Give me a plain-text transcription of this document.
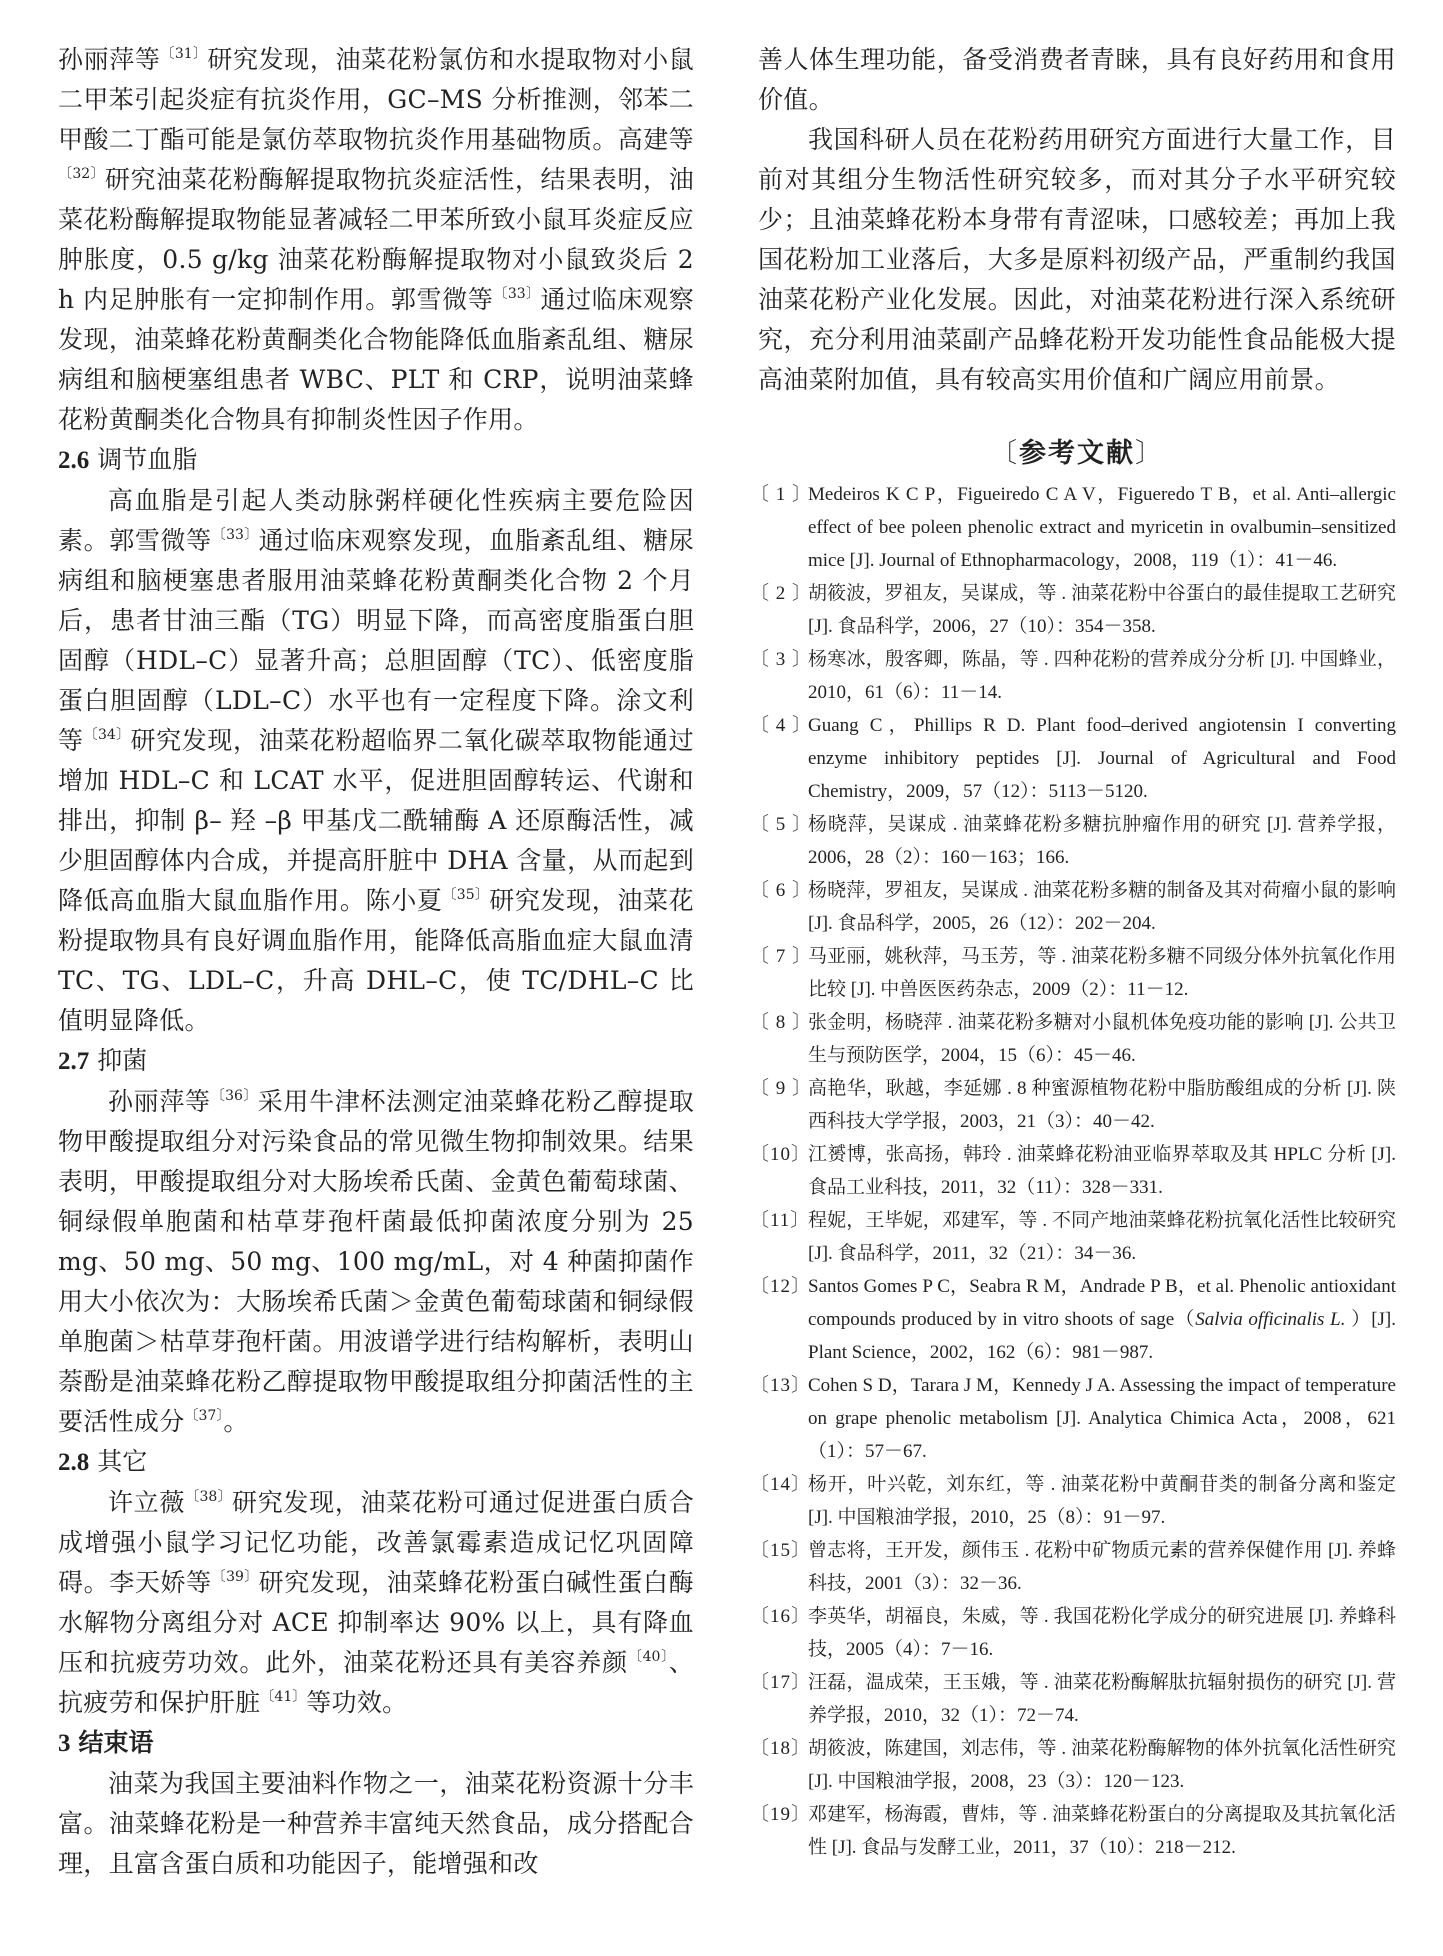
孙丽萍等$^{〔31〕}$研究发现，油菜花粉氯仿和水提取物对小鼠二甲苯引起炎症有抗炎作用，GC–MS 分析推测，邻苯二甲酸二丁酯可能是氯仿萃取物抗炎作用基础物质。高建等$^{〔32〕}$研究油菜花粉酶解提取物抗炎症活性，结果表明，油菜花粉酶解提取物能显著减轻二甲苯所致小鼠耳炎症反应肿胀度，0.5 g/kg 油菜花粉酶解提取物对小鼠致炎后 2 h 内足肿胀有一定抑制作用。郭雪微等$^{〔33〕}$通过临床观察发现，油菜蜂花粉黄酮类化合物能降低血脂紊乱组、糖尿病组和脑梗塞组患者 WBC、PLT 和 CRP，说明油菜蜂花粉黄酮类化合物具有抑制炎性因子作用。

2.6 调节血脂

高血脂是引起人类动脉粥样硬化性疾病主要危险因素。郭雪微等$^{〔33〕}$通过临床观察发现，血脂紊乱组、糖尿病组和脑梗塞患者服用油菜蜂花粉黄酮类化合物 2 个月后，患者甘油三酯（TG）明显下降，而高密度脂蛋白胆固醇（HDL–C）显著升高；总胆固醇（TC）、低密度脂蛋白胆固醇（LDL–C）水平也有一定程度下降。涂文利等$^{〔34〕}$研究发现，油菜花粉超临界二氧化碳萃取物能通过增加 HDL–C 和 LCAT 水平，促进胆固醇转运、代谢和排出，抑制 β– 羟 –β 甲基戊二酰辅酶 A 还原酶活性，减少胆固醇体内合成，并提高肝脏中 DHA 含量，从而起到降低高血脂大鼠血脂作用。陈小夏$^{〔35〕}$研究发现，油菜花粉提取物具有良好调血脂作用，能降低高脂血症大鼠血清 TC、TG、LDL–C，升高 DHL–C，使 TC/DHL–C 比值明显降低。

2.7 抑菌

孙丽萍等$^{〔36〕}$采用牛津杯法测定油菜蜂花粉乙醇提取物甲酸提取组分对污染食品的常见微生物抑制效果。结果表明，甲酸提取组分对大肠埃希氏菌、金黄色葡萄球菌、铜绿假单胞菌和枯草芽孢杆菌最低抑菌浓度分别为 25 mg、50 mg、50 mg、100 mg/mL，对 4 种菌抑菌作用大小依次为：大肠埃希氏菌＞金黄色葡萄球菌和铜绿假单胞菌＞枯草芽孢杆菌。用波谱学进行结构解析，表明山萘酚是油菜蜂花粉乙醇提取物甲酸提取组分抑菌活性的主要活性成分$^{〔37〕}$。

2.8 其它

许立薇$^{〔38〕}$研究发现，油菜花粉可通过促进蛋白质合成增强小鼠学习记忆功能，改善氯霉素造成记忆巩固障碍。李天娇等$^{〔39〕}$研究发现，油菜蜂花粉蛋白碱性蛋白酶水解物分离组分对 ACE 抑制率达 90% 以上，具有降血压和抗疲劳功效。此外，油菜花粉还具有美容养颜$^{〔40〕}$、抗疲劳和保护肝脏$^{〔41〕}$等功效。

3 结束语

油菜为我国主要油料作物之一，油菜花粉资源十分丰富。油菜蜂花粉是一种营养丰富纯天然食品，成分搭配合理，且富含蛋白质和功能因子，能增强和改

善人体生理功能，备受消费者青睐，具有良好药用和食用价值。

我国科研人员在花粉药用研究方面进行大量工作，目前对其组分生物活性研究较多，而对其分子水平研究较少；且油菜蜂花粉本身带有青涩味，口感较差；再加上我国花粉加工业落后，大多是原料初级产品，严重制约我国油菜花粉产业化发展。因此，对油菜花粉进行深入系统研究，充分利用油菜副产品蜂花粉开发功能性食品能极大提高油菜附加值，具有较高实用价值和广阔应用前景。

〔参考文献〕
〔 1 〕
Medeiros K C P，Figueiredo C A V，Figueredo T B，et al. Anti–allergic effect of bee poleen phenolic extract and myricetin in ovalbumin–sensitized mice [J]. Journal of Ethnopharmacology，2008，119（1）：41－46.
〔 2 〕
胡筱波，罗祖友，吴谋成，等 . 油菜花粉中谷蛋白的最佳提取工艺研究 [J]. 食品科学，2006，27（10）：354－358.
〔 3 〕
杨寒冰，殷客卿，陈晶，等 . 四种花粉的营养成分分析 [J]. 中国蜂业，2010，61（6）：11－14.
〔 4 〕
Guang C，Phillips R D. Plant food–derived angiotensin I converting enzyme inhibitory peptides [J]. Journal of Agricultural and Food Chemistry，2009，57（12）：5113－5120.
〔 5 〕
杨晓萍，吴谋成 . 油菜蜂花粉多糖抗肿瘤作用的研究 [J]. 营养学报，2006，28（2）：160－163；166.
〔 6 〕
杨晓萍，罗祖友，吴谋成 . 油菜花粉多糖的制备及其对荷瘤小鼠的影响 [J]. 食品科学，2005，26（12）：202－204.
〔 7 〕
马亚丽，姚秋萍，马玉芳，等 . 油菜花粉多糖不同级分体外抗氧化作用比较 [J]. 中兽医医药杂志，2009（2）：11－12.
〔 8 〕
张金明，杨晓萍 . 油菜花粉多糖对小鼠机体免疫功能的影响 [J]. 公共卫生与预防医学，2004，15（6）：45－46.
〔 9 〕
高艳华，耿越，李延娜 . 8 种蜜源植物花粉中脂肪酸组成的分析 [J]. 陕西科技大学学报，2003，21（3）：40－42.
〔10〕
江赟博，张高扬，韩玲 . 油菜蜂花粉油亚临界萃取及其 HPLC 分析 [J]. 食品工业科技，2011，32（11）：328－331.
〔11〕
程妮，王毕妮，邓建军，等 . 不同产地油菜蜂花粉抗氧化活性比较研究 [J]. 食品科学，2011，32（21）：34－36.
〔12〕
Santos Gomes P C，Seabra R M，Andrade P B，et al. Phenolic antioxidant compounds produced by in vitro shoots of sage（Salvia officinalis L. ）[J]. Plant Science，2002，162（6）：981－987.
〔13〕
Cohen S D，Tarara J M，Kennedy J A. Assessing the impact of temperature on grape phenolic metabolism [J]. Analytica Chimica Acta，2008，621（1）：57－67.
〔14〕
杨开，叶兴乾，刘东红，等 . 油菜花粉中黄酮苷类的制备分离和鉴定 [J]. 中国粮油学报，2010，25（8）：91－97.
〔15〕
曾志将，王开发，颜伟玉 . 花粉中矿物质元素的营养保健作用 [J]. 养蜂科技，2001（3）：32－36.
〔16〕
李英华，胡福良，朱威，等 . 我国花粉化学成分的研究进展 [J]. 养蜂科技，2005（4）：7－16.
〔17〕
汪磊，温成荣，王玉娥，等 . 油菜花粉酶解肽抗辐射损伤的研究 [J]. 营养学报，2010，32（1）：72－74.
〔18〕
胡筱波，陈建国，刘志伟，等 . 油菜花粉酶解物的体外抗氧化活性研究 [J]. 中国粮油学报，2008，23（3）：120－123.
〔19〕
邓建军，杨海霞，曹炜，等 . 油菜蜂花粉蛋白的分离提取及其抗氧化活性 [J]. 食品与发酵工业，2011，37（10）：218－212.
